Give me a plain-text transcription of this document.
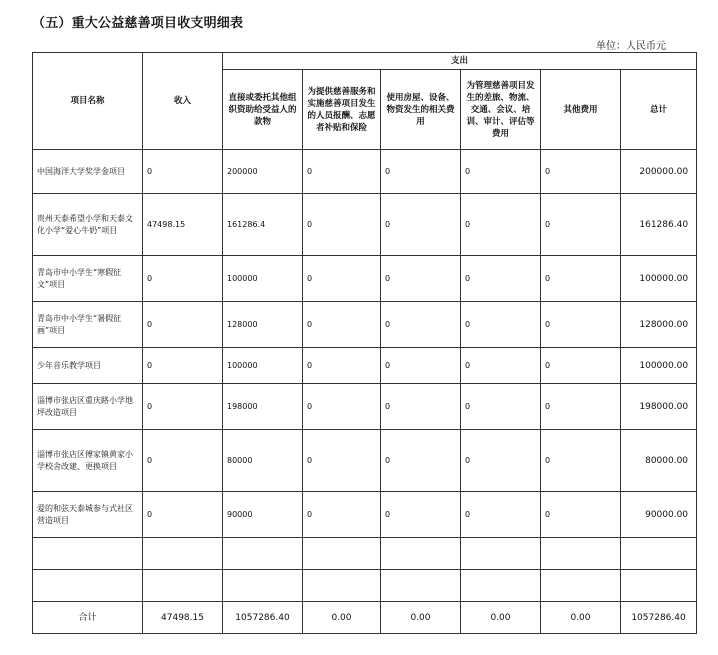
（五）重大公益慈善项目收支明细表
单位：人民币元
项目名称	收入	支出					
		直接或委托其他组织资助给受益人的款物	为提供慈善服务和实施慈善项目发生的人员报酬、志愿者补贴和保险	使用房屋、设备、物资发生的相关费用	为管理慈善项目发生的差旅、物流、交通、会议、培训、审计、评估等费用	其他费用	总计
中国海洋大学奖学金项目	0	200000	0	0	0	0	200000.00
贵州天泰希望小学和天泰文化小学“爱心牛奶”项目	47498.15	161286.4	0	0	0	0	161286.40
青岛市中小学生“寒假征文”项目	0	100000	0	0	0	0	100000.00
青岛市中小学生“暑假征画”项目	0	128000	0	0	0	0	128000.00
少年音乐教学项目	0	100000	0	0	0	0	100000.00
淄博市张店区重庆路小学地坪改造项目	0	198000	0	0	0	0	198000.00
淄博市张店区傅家镇黄家小学校舍改建、更换项目	0	80000	0	0	0	0	80000.00
爱的和弦天泰城参与式社区营造项目	0	90000	0	0	0	0	90000.00

合计	47498.15	1057286.40	0.00	0.00	0.00	0.00	1057286.40
